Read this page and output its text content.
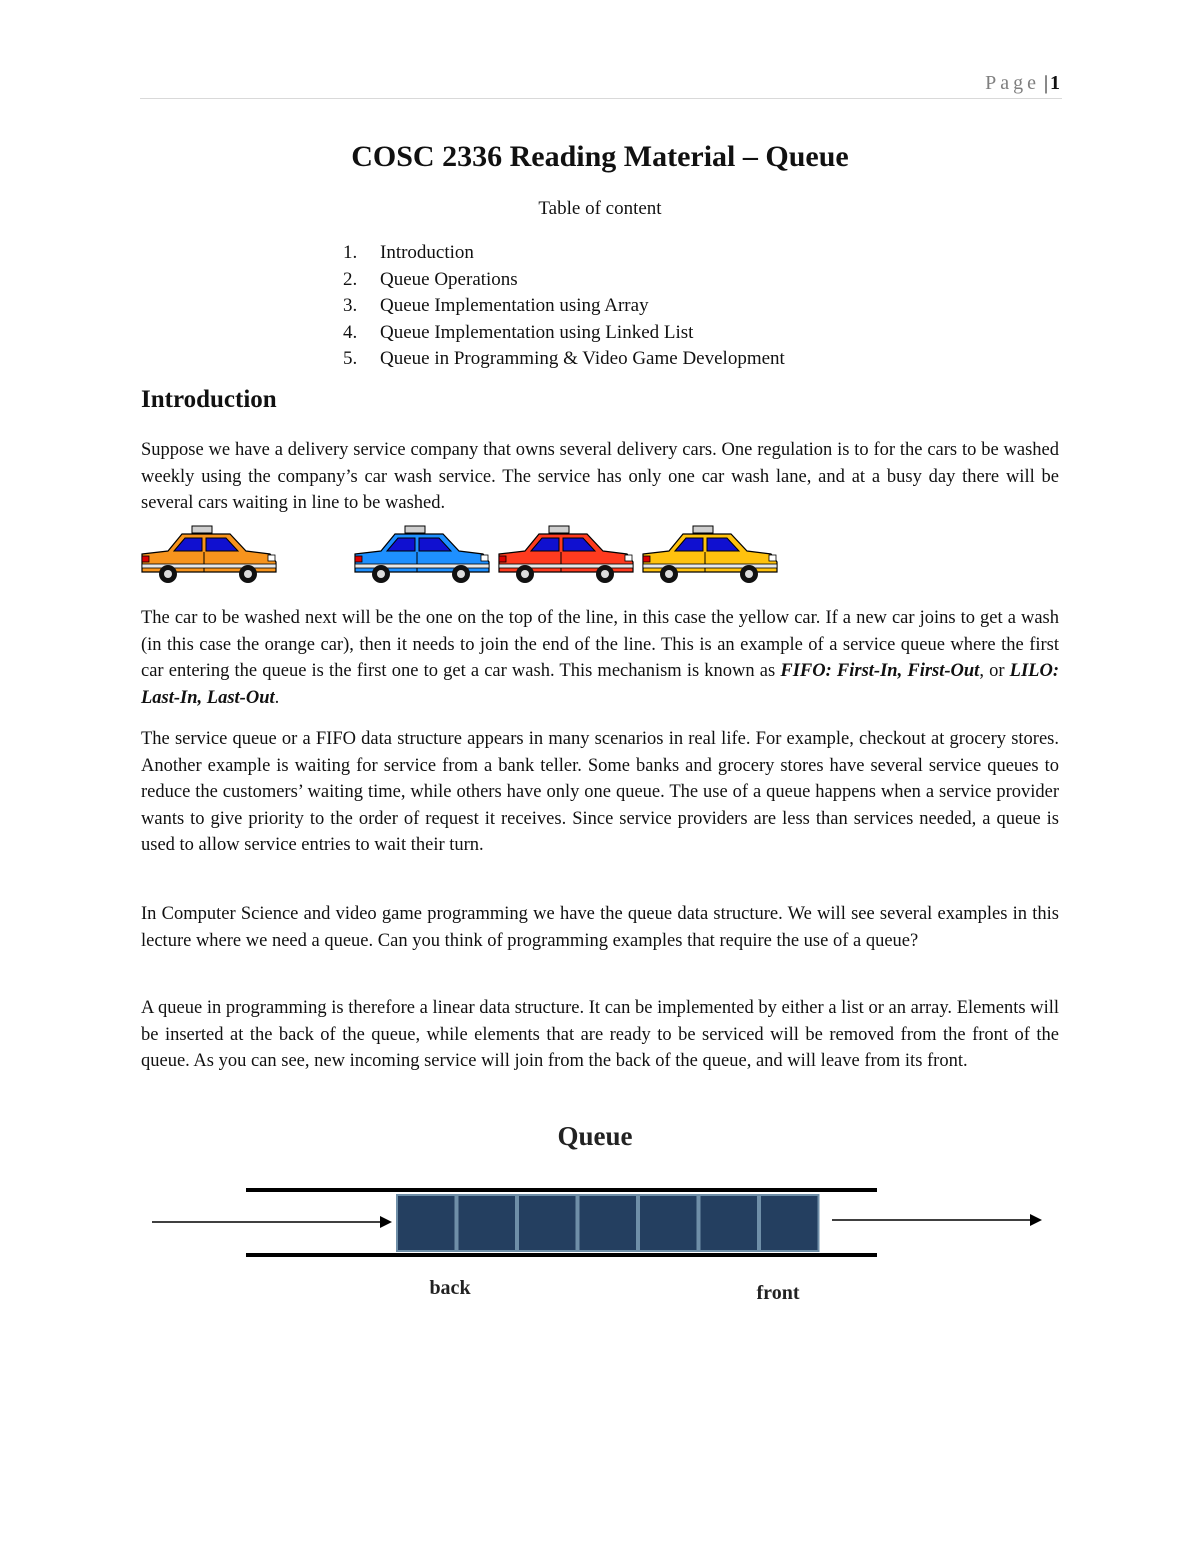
Page | 1
COSC 2336 Reading Material – Queue
Table of content
1. Introduction
2. Queue Operations
3. Queue Implementation using Array
4. Queue Implementation using Linked List
5. Queue in Programming & Video Game Development
Introduction

Suppose we have a delivery service company that owns several delivery cars. One regulation is to for the cars to be washed weekly using the company’s car wash service. The service has only one car wash lane, and at a busy day there will be several cars waiting in line to be washed.

The car to be washed next will be the one on the top of the line, in this case the yellow car. If a new car joins to get a wash (in this case the orange car), then it needs to join the end of the line. This is an example of a service queue where the first car entering the queue is the first one to get a car wash. This mechanism is known as FIFO: First-In, First-Out, or LILO: Last-In, Last-Out.

The service queue or a FIFO data structure appears in many scenarios in real life. For example, checkout at grocery stores. Another example is waiting for service from a bank teller. Some banks and grocery stores have several service queues to reduce the customers’ waiting time, while others have only one queue. The use of a queue happens when a service provider wants to give priority to the order of request it receives. Since service providers are less than services needed, a queue is used to allow service entries to wait their turn.

In Computer Science and video game programming we have the queue data structure. We will see several examples in this lecture where we need a queue. Can you think of programming examples that require the use of a queue?

A queue in programming is therefore a linear data structure. It can be implemented by either a list or an array. Elements will be inserted at the back of the queue, while elements that are ready to be serviced will be removed from the front of the queue. As you can see, new incoming service will join from the back of the queue, and will leave from its front.

Queue
back	front
